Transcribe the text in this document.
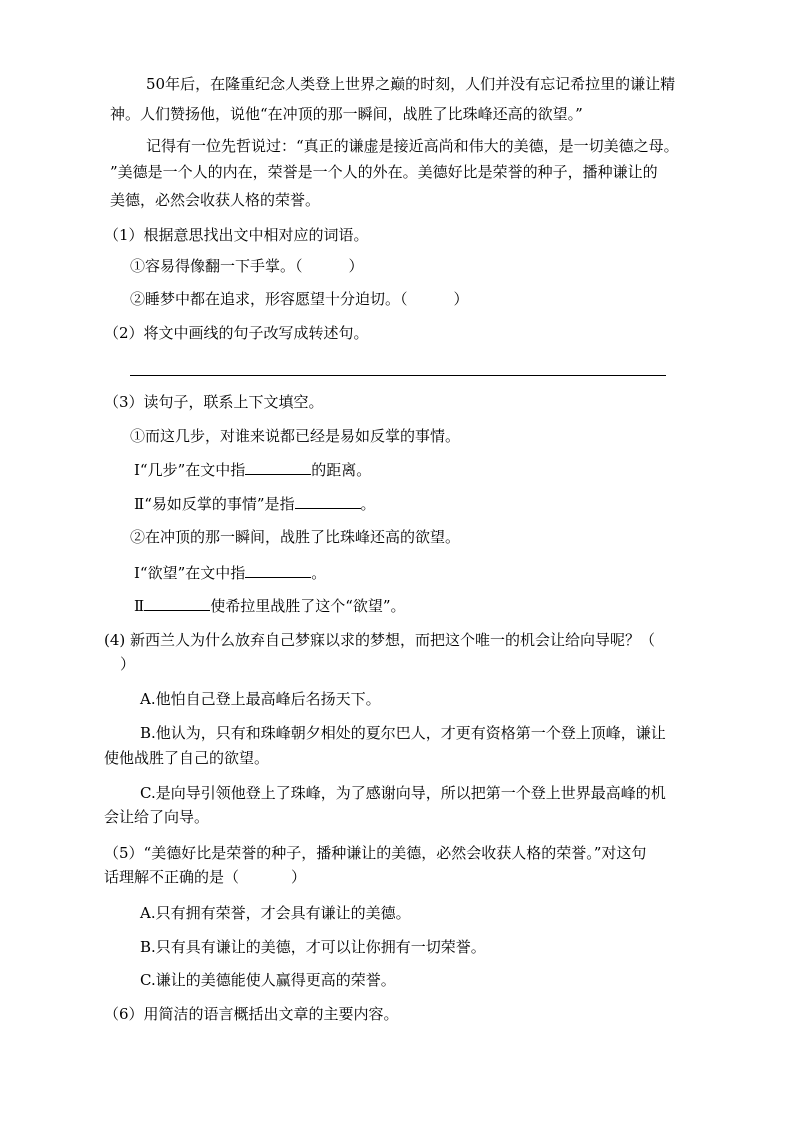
50年后，在隆重纪念人类登上世界之巅的时刻，人们并没有忘记希拉里的谦让精
神。人们赞扬他，说他“在冲顶的那一瞬间，战胜了比珠峰还高的欲望。”
记得有一位先哲说过：“真正的谦虚是接近高尚和伟大的美德，是一切美德之母。
”美德是一个人的内在，荣誉是一个人的外在。美德好比是荣誉的种子，播种谦让的
美德，必然会收获人格的荣誉。
（1）根据意思找出文中相对应的词语。
①容易得像翻一下手掌。（	）
②睡梦中都在追求，形容愿望十分迫切。（	）
（2）将文中画线的句子改写成转述句。
（3）读句子，联系上下文填空。
①而这几步，对谁来说都已经是易如反掌的事情。
Ⅰ“几步”在文中指	的距离。
Ⅱ“易如反掌的事情”是指	。
②在冲顶的那一瞬间，战胜了比珠峰还高的欲望。
Ⅰ“欲望”在文中指	。
Ⅱ	使希拉里战胜了这个“欲望”。
(4) 新西兰人为什么放弃自己梦寐以求的梦想，而把这个唯一的机会让给向导呢？（
）
A.他怕自己登上最高峰后名扬天下。
B.他认为，只有和珠峰朝夕相处的夏尔巴人，才更有资格第一个登上顶峰，谦让
使他战胜了自己的欲望。
C.是向导引领他登上了珠峰，为了感谢向导，所以把第一个登上世界最高峰的机
会让给了向导。
（5）“美德好比是荣誉的种子，播种谦让的美德，必然会收获人格的荣誉。”对这句
话理解不正确的是（	）
A.只有拥有荣誉，才会具有谦让的美德。
B.只有具有谦让的美德，才可以让你拥有一切荣誉。
C.谦让的美德能使人赢得更高的荣誉。
（6）用简洁的语言概括出文章的主要内容。
